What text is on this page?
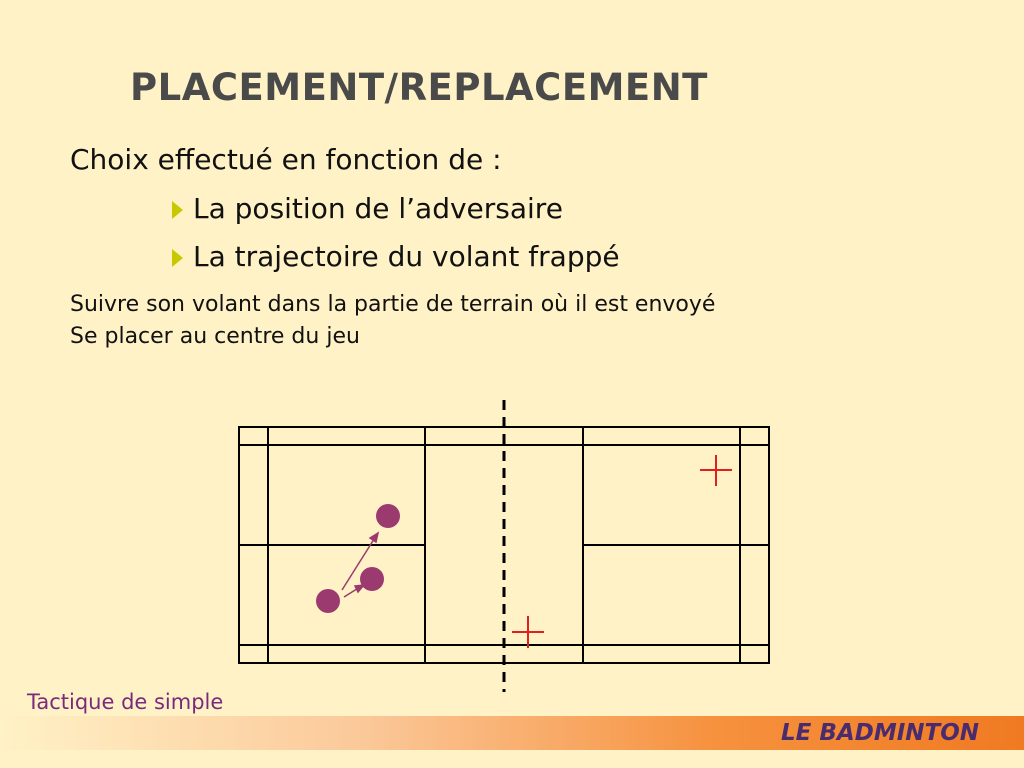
PLACEMENT/REPLACEMENT
Choix effectué en fonction de :
La position de l’adversaire
La trajectoire du volant frappé
Suivre son volant dans la partie de terrain où il est envoyé
Se placer au centre du jeu
Tactique de simple
LE BADMINTON
